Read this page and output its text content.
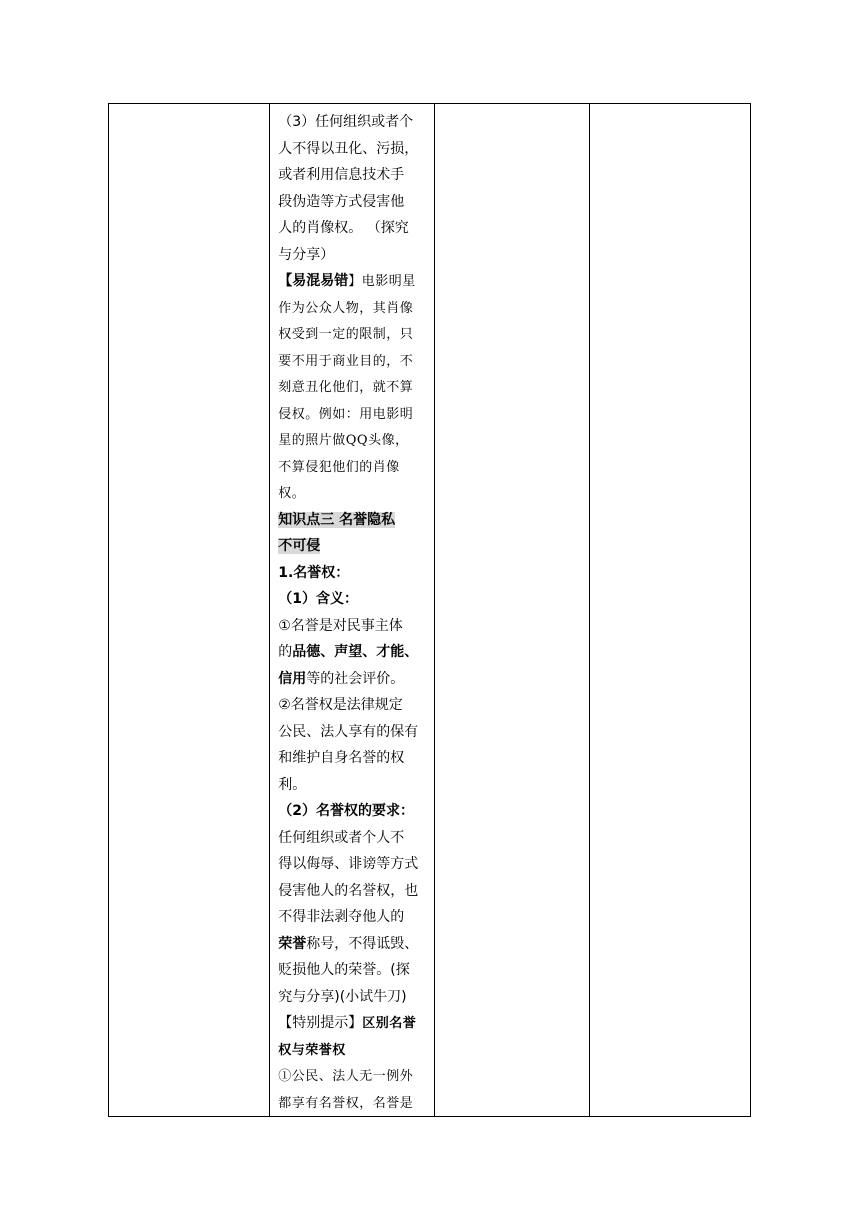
（3）任何组织或者个
人不得以丑化、污损，
或者利用信息技术手
段伪造等方式侵害他
人的肖像权。 （探究
与分享）
【易混易错】电影明星
作为公众人物，其肖像
权受到一定的限制，只
要不用于商业目的，不
刻意丑化他们，就不算
侵权。例如：用电影明
星的照片做QQ头像，
不算侵犯他们的肖像
权。
知识点三 名誉隐私
不可侵
1.名誉权：
（1）含义：
①名誉是对民事主体
的品德、声望、才能、
信用等的社会评价。
②名誉权是法律规定
公民、法人享有的保有
和维护自身名誉的权
利。
（2）名誉权的要求：
任何组织或者个人不
得以侮辱、诽谤等方式
侵害他人的名誉权，也
不得非法剥夺他人的
荣誉称号，不得诋毁、
贬损他人的荣誉。(探
究与分享)(小试牛刀)
【特别提示】区别名誉
权与荣誉权
①公民、法人无一例外
都享有名誉权，名誉是
